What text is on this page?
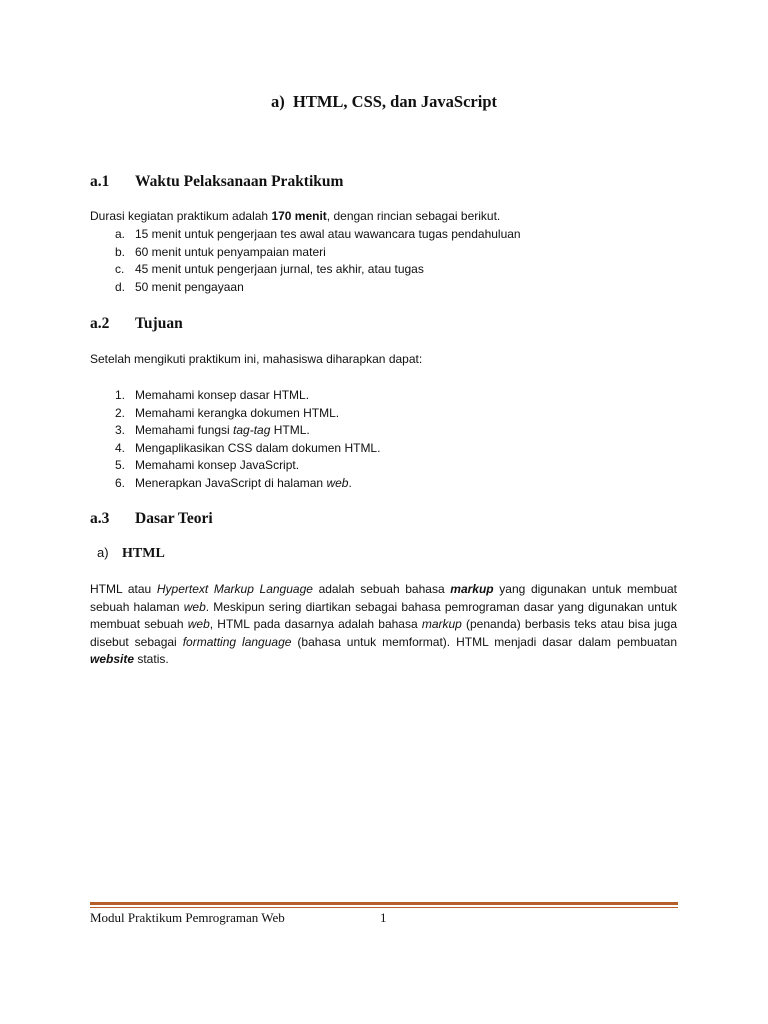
a) HTML, CSS, dan JavaScript
a.1 Waktu Pelaksanaan Praktikum
Durasi kegiatan praktikum adalah 170 menit, dengan rincian sebagai berikut.
a. 15 menit untuk pengerjaan tes awal atau wawancara tugas pendahuluan
b. 60 menit untuk penyampaian materi
c. 45 menit untuk pengerjaan jurnal, tes akhir, atau tugas
d. 50 menit pengayaan
a.2 Tujuan
Setelah mengikuti praktikum ini, mahasiswa diharapkan dapat:
1. Memahami konsep dasar HTML.
2. Memahami kerangka dokumen HTML.
3. Memahami fungsi tag-tag HTML.
4. Mengaplikasikan CSS dalam dokumen HTML.
5. Memahami konsep JavaScript.
6. Menerapkan JavaScript di halaman web.
a.3 Dasar Teori
a) HTML
HTML atau Hypertext Markup Language adalah sebuah bahasa markup yang digunakan untuk membuat sebuah halaman web. Meskipun sering diartikan sebagai bahasa pemrograman dasar yang digunakan untuk membuat sebuah web, HTML pada dasarnya adalah bahasa markup (penanda) berbasis teks atau bisa juga disebut sebagai formatting language (bahasa untuk memformat). HTML menjadi dasar dalam pembuatan website statis.
Modul Praktikum Pemrograman Web	1
